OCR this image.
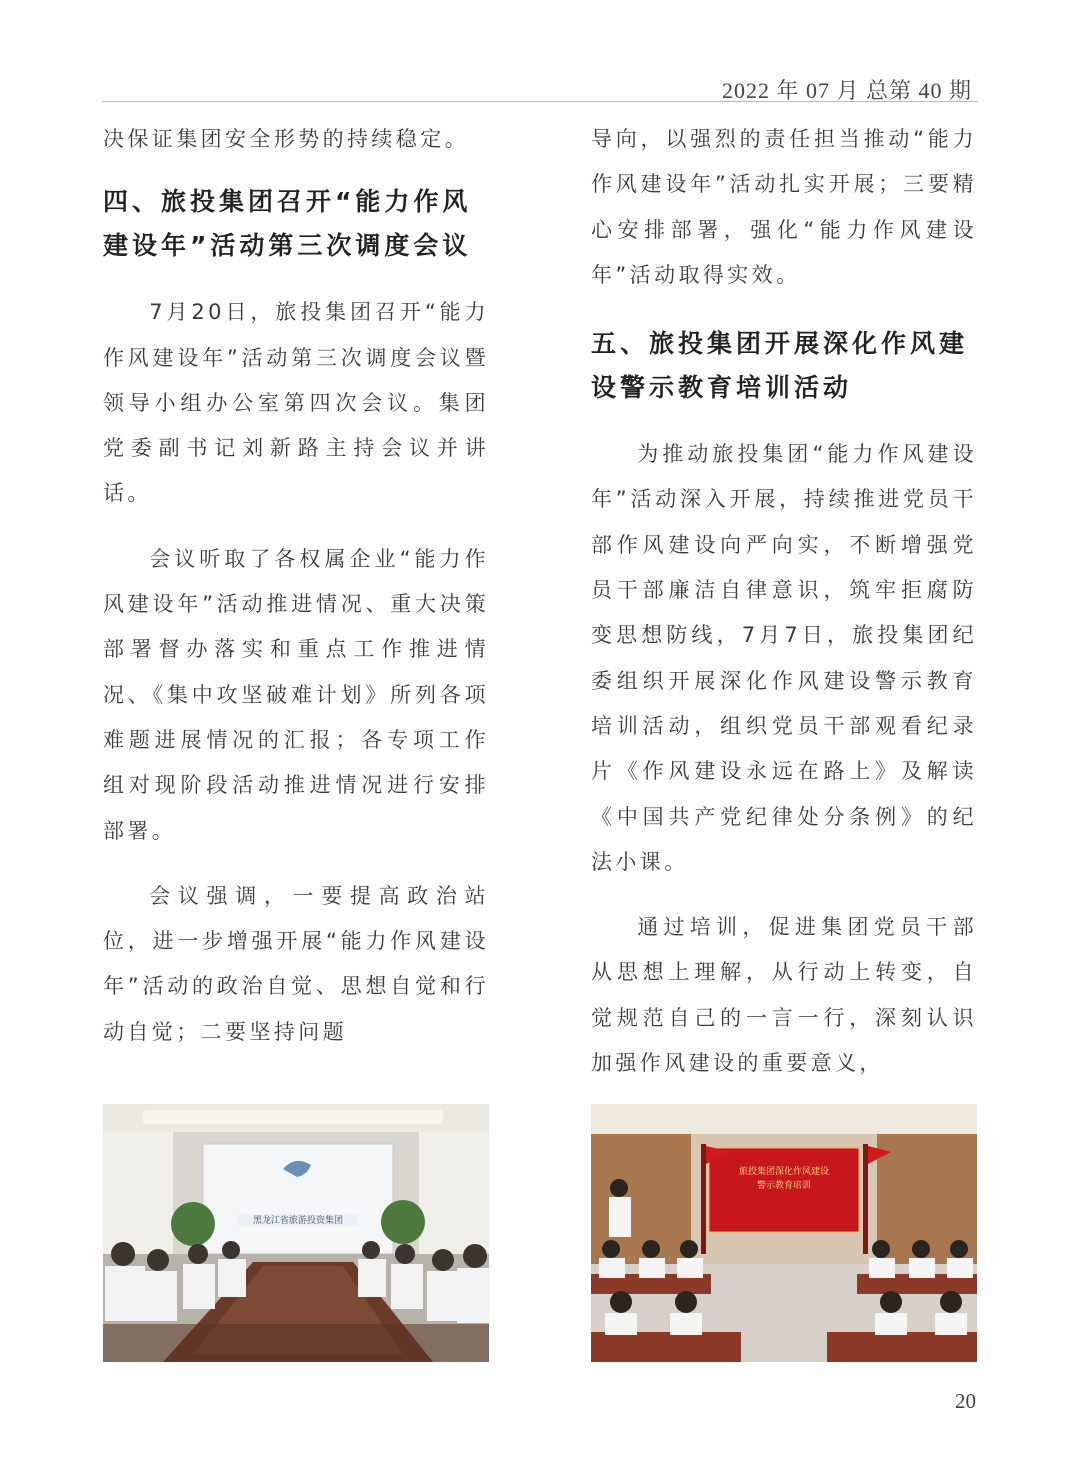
2022 年 07 月 总第 40 期

决保证集团安全形势的持续稳定。

四、旅投集团召开“能力作风建设年”活动第三次调度会议

7月20日，旅投集团召开“能力作风建设年”活动第三次调度会议暨领导小组办公室第四次会议。集团党委副书记刘新路主持会议并讲话。

会议听取了各权属企业“能力作风建设年”活动推进情况、重大决策部署督办落实和重点工作推进情况、《集中攻坚破难计划》所列各项难题进展情况的汇报；各专项工作组对现阶段活动推进情况进行安排部署。

会议强调，一要提高政治站位，进一步增强开展“能力作风建设年”活动的政治自觉、思想自觉和行动自觉；二要坚持问题

导向，以强烈的责任担当推动“能力作风建设年”活动扎实开展；三要精心安排部署，强化“能力作风建设年”活动取得实效。

五、旅投集团开展深化作风建设警示教育培训活动

为推动旅投集团“能力作风建设年”活动深入开展，持续推进党员干部作风建设向严向实，不断增强党员干部廉洁自律意识，筑牢拒腐防变思想防线，7月7日，旅投集团纪委组织开展深化作风建设警示教育培训活动，组织党员干部观看纪录片《作风建设永远在路上》及解读《中国共产党纪律处分条例》的纪法小课。

通过培训，促进集团党员干部从思想上理解，从行动上转变，自觉规范自己的一言一行，深刻认识加强作风建设的重要意义，

黑龙江省旅游投资集团
旅投集团深化作风建设
警示教育培训
20
